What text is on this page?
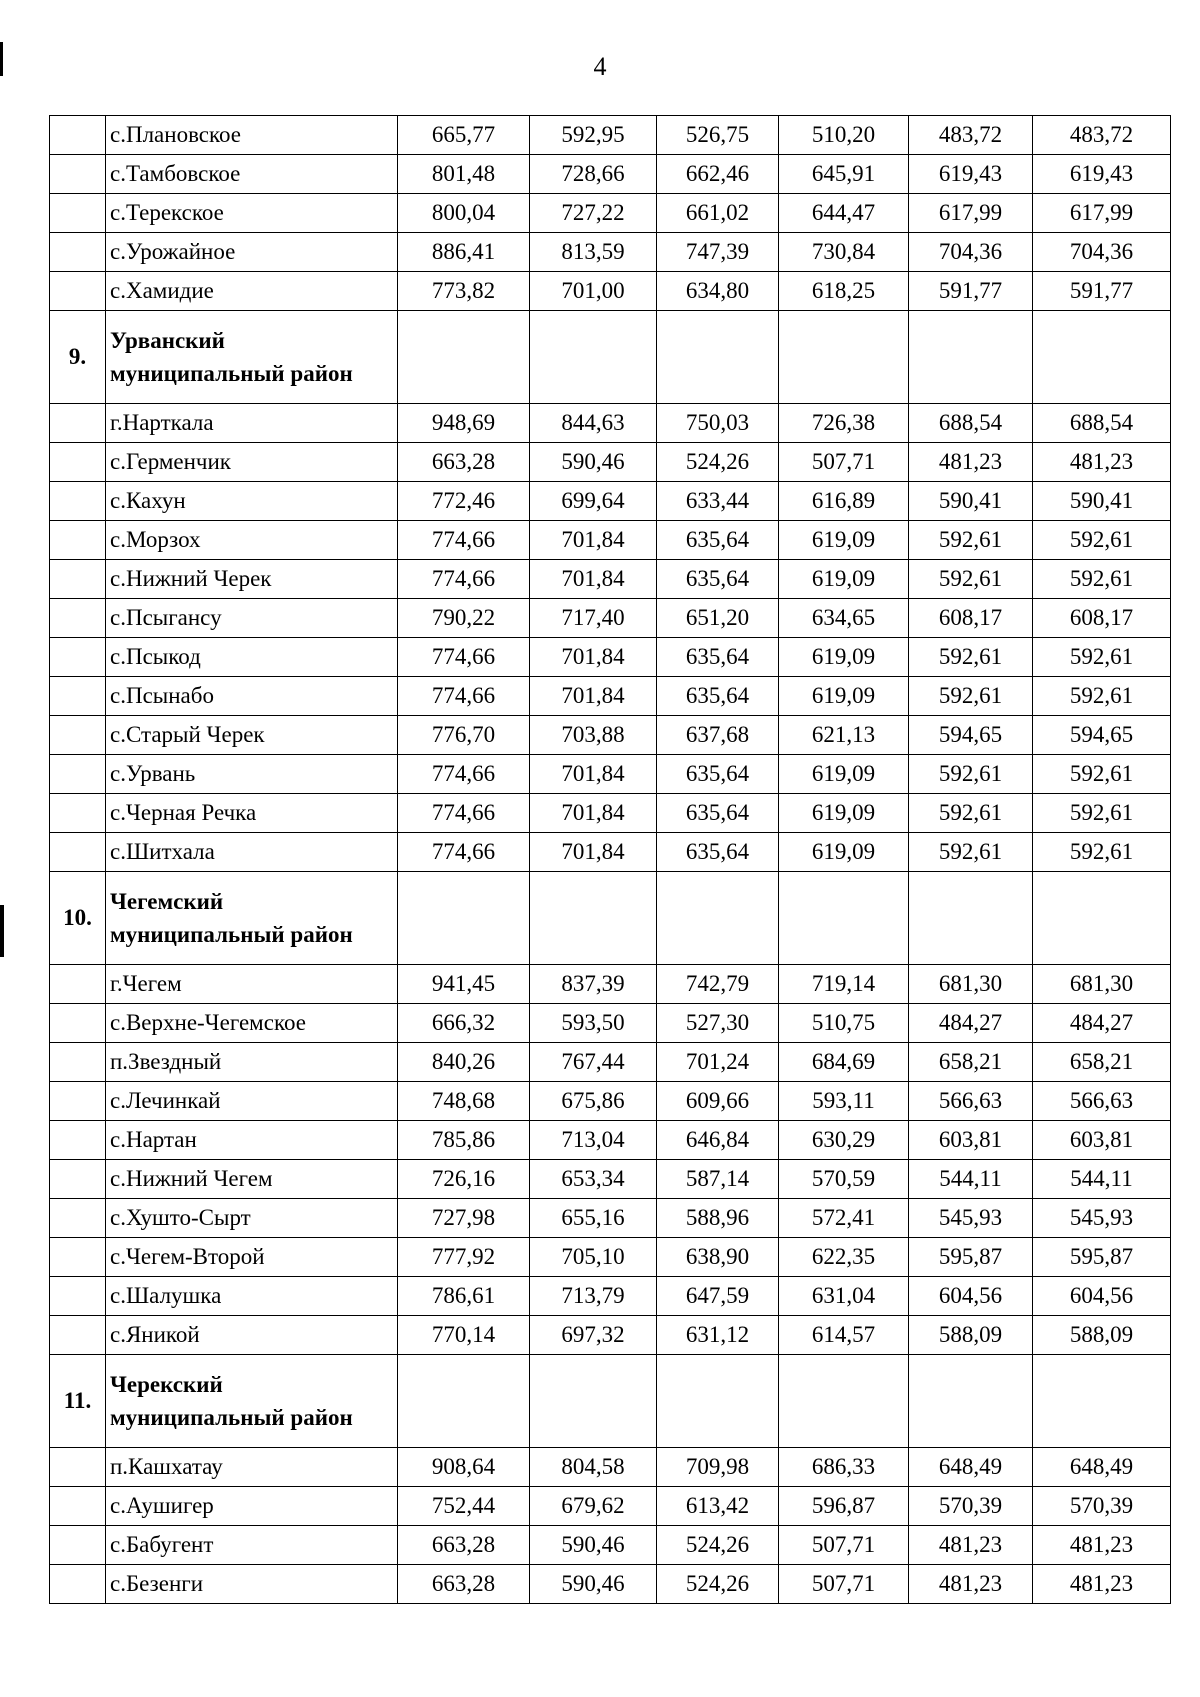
4
	с.Плановское	665,77	592,95	526,75	510,20	483,72	483,72
	с.Тамбовское	801,48	728,66	662,46	645,91	619,43	619,43
	с.Терекское	800,04	727,22	661,02	644,47	617,99	617,99
	с.Урожайное	886,41	813,59	747,39	730,84	704,36	704,36
	с.Хамидие	773,82	701,00	634,80	618,25	591,77	591,77
9.	Урванский муниципальный район						
	г.Нарткала	948,69	844,63	750,03	726,38	688,54	688,54
	с.Герменчик	663,28	590,46	524,26	507,71	481,23	481,23
	с.Кахун	772,46	699,64	633,44	616,89	590,41	590,41
	с.Морзох	774,66	701,84	635,64	619,09	592,61	592,61
	с.Нижний Черек	774,66	701,84	635,64	619,09	592,61	592,61
	с.Псыгансу	790,22	717,40	651,20	634,65	608,17	608,17
	с.Псыкод	774,66	701,84	635,64	619,09	592,61	592,61
	с.Псынабо	774,66	701,84	635,64	619,09	592,61	592,61
	с.Старый Черек	776,70	703,88	637,68	621,13	594,65	594,65
	с.Урвань	774,66	701,84	635,64	619,09	592,61	592,61
	с.Черная Речка	774,66	701,84	635,64	619,09	592,61	592,61
	с.Шитхала	774,66	701,84	635,64	619,09	592,61	592,61
10.	Чегемский муниципальный район						
	г.Чегем	941,45	837,39	742,79	719,14	681,30	681,30
	с.Верхне-Чегемское	666,32	593,50	527,30	510,75	484,27	484,27
	п.Звездный	840,26	767,44	701,24	684,69	658,21	658,21
	с.Лечинкай	748,68	675,86	609,66	593,11	566,63	566,63
	с.Нартан	785,86	713,04	646,84	630,29	603,81	603,81
	с.Нижний Чегем	726,16	653,34	587,14	570,59	544,11	544,11
	с.Хушто-Сырт	727,98	655,16	588,96	572,41	545,93	545,93
	с.Чегем-Второй	777,92	705,10	638,90	622,35	595,87	595,87
	с.Шалушка	786,61	713,79	647,59	631,04	604,56	604,56
	с.Яникой	770,14	697,32	631,12	614,57	588,09	588,09
11.	Черекский муниципальный район						
	п.Кашхатау	908,64	804,58	709,98	686,33	648,49	648,49
	с.Аушигер	752,44	679,62	613,42	596,87	570,39	570,39
	с.Бабугент	663,28	590,46	524,26	507,71	481,23	481,23
	с.Безенги	663,28	590,46	524,26	507,71	481,23	481,23
